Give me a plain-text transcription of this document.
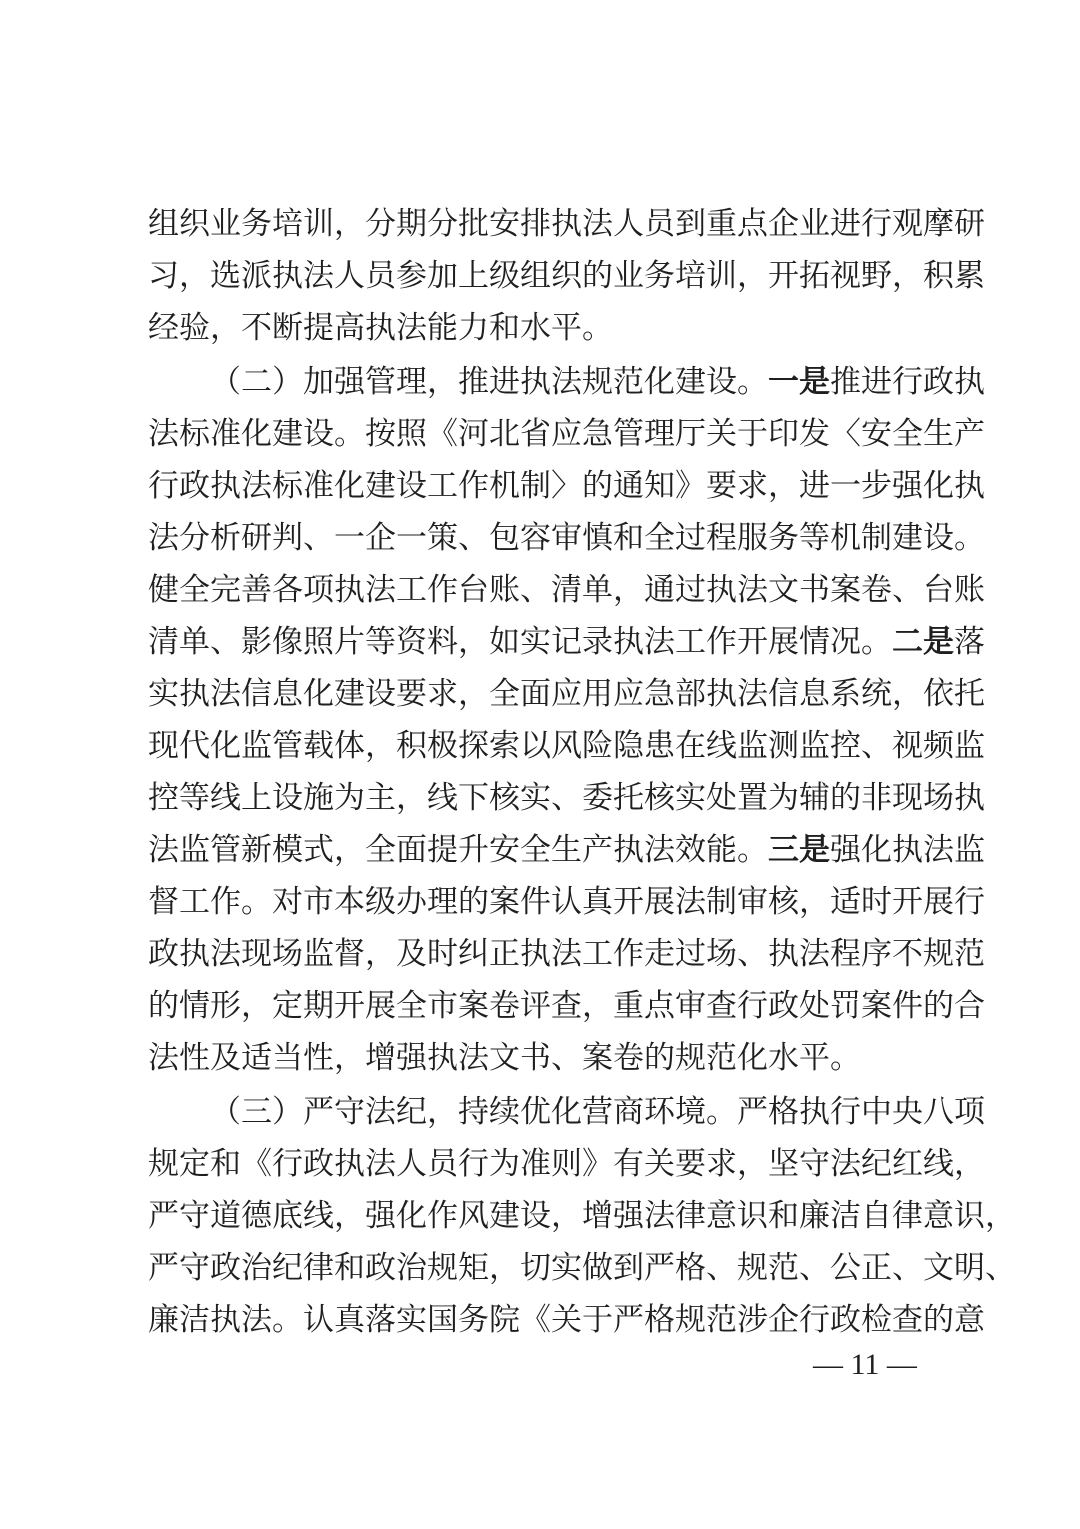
组织业务培训，分期分批安排执法人员到重点企业进行观摩研
习，选派执法人员参加上级组织的业务培训，开拓视野，积累
经验，不断提高执法能力和水平。
（二）加强管理，推进执法规范化建设。一是推进行政执
法标准化建设。按照《河北省应急管理厅关于印发〈安全生产
行政执法标准化建设工作机制〉的通知》要求，进一步强化执
法分析研判、一企一策、包容审慎和全过程服务等机制建设。
健全完善各项执法工作台账、清单，通过执法文书案卷、台账
清单、影像照片等资料，如实记录执法工作开展情况。二是落
实执法信息化建设要求，全面应用应急部执法信息系统，依托
现代化监管载体，积极探索以风险隐患在线监测监控、视频监
控等线上设施为主，线下核实、委托核实处置为辅的非现场执
法监管新模式，全面提升安全生产执法效能。三是强化执法监
督工作。对市本级办理的案件认真开展法制审核，适时开展行
政执法现场监督，及时纠正执法工作走过场、执法程序不规范
的情形，定期开展全市案卷评查，重点审查行政处罚案件的合
法性及适当性，增强执法文书、案卷的规范化水平。
（三）严守法纪，持续优化营商环境。严格执行中央八项
规定和《行政执法人员行为准则》有关要求，坚守法纪红线，
严守道德底线，强化作风建设，增强法律意识和廉洁自律意识，
严守政治纪律和政治规矩，切实做到严格、规范、公正、文明、
廉洁执法。认真落实国务院《关于严格规范涉企行政检查的意
— 11 —
